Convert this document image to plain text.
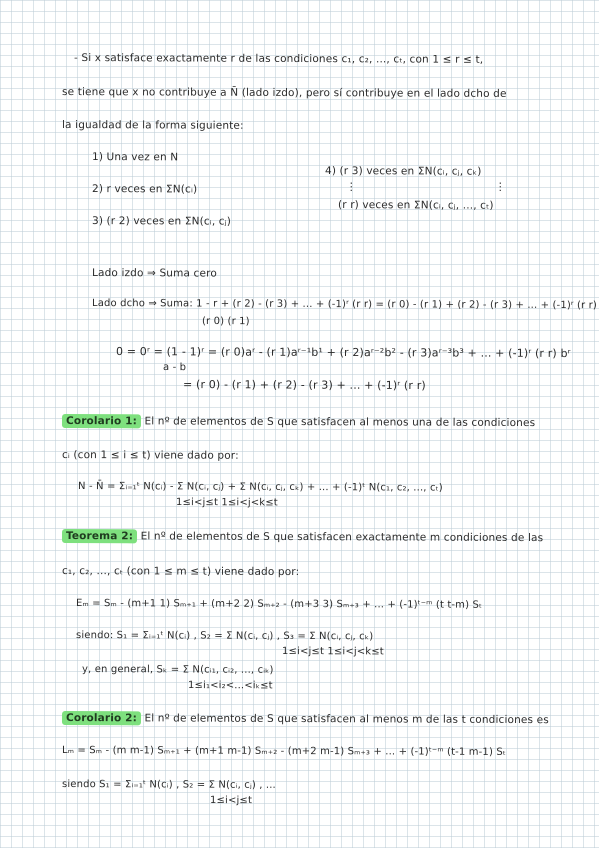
- Si x satisface exactamente r de las condiciones c₁, c₂, ..., cₜ, con 1 ≤ r ≤ t,
se tiene que x no contribuye a N̄ (lado izdo), pero sí contribuye en el lado dcho de
la igualdad de la forma siguiente:
1) Una vez en N
4) (r 3) veces en ΣN(cᵢ, cⱼ, cₖ)
2) r veces en ΣN(cᵢ)	⋮	⋮
(r r) veces en ΣN(cᵢ, cⱼ, ..., cₜ)
3) (r 2) veces en ΣN(cᵢ, cⱼ)
Lado izdo ⇒ Suma cero
Lado dcho ⇒ Suma: 1 - r + (r 2) - (r 3) + ... + (-1)ʳ (r r) = (r 0) - (r 1) + (r 2) - (r 3) + ... + (-1)ʳ (r r)
(r 0) (r 1)
0 = 0ʳ = (1 - 1)ʳ = (r 0)aʳ - (r 1)aʳ⁻¹b¹ + (r 2)aʳ⁻²b² - (r 3)aʳ⁻³b³ + ... + (-1)ʳ (r r) bʳ
a - b
= (r 0) - (r 1) + (r 2) - (r 3) + ... + (-1)ʳ (r r)
Corolario 1: El nº de elementos de S que satisfacen al menos una de las condiciones
cᵢ (con 1 ≤ i ≤ t) viene dado por:
N - N̄ = Σᵢ₌₁ᵗ N(cᵢ) - Σ N(cᵢ, cⱼ) + Σ N(cᵢ, cⱼ, cₖ) + ... + (-1)ᵗ N(c₁, c₂, ..., cₜ)
1≤i<j≤t 1≤i<j<k≤t
Teorema 2: El nº de elementos de S que satisfacen exactamente m condiciones de las
c₁, c₂, ..., cₜ (con 1 ≤ m ≤ t) viene dado por:
Eₘ = Sₘ - (m+1 1) Sₘ₊₁ + (m+2 2) Sₘ₊₂ - (m+3 3) Sₘ₊₃ + ... + (-1)ᵗ⁻ᵐ (t t-m) Sₜ
siendo: S₁ = Σᵢ₌₁ᵗ N(cᵢ) , S₂ = Σ N(cᵢ, cⱼ) , S₃ = Σ N(cᵢ, cⱼ, cₖ)
1≤i<j≤t 1≤i<j<k≤t
y, en general, Sₖ = Σ N(cᵢ₁, cᵢ₂, ..., cᵢₖ)
1≤i₁<i₂<...<iₖ≤t
Corolario 2: El nº de elementos de S que satisfacen al menos m de las t condiciones es
Lₘ = Sₘ - (m m-1) Sₘ₊₁ + (m+1 m-1) Sₘ₊₂ - (m+2 m-1) Sₘ₊₃ + ... + (-1)ᵗ⁻ᵐ (t-1 m-1) Sₜ
siendo S₁ = Σᵢ₌₁ᵗ N(cᵢ) , S₂ = Σ N(cᵢ, cⱼ) , ...
1≤i<j≤t
